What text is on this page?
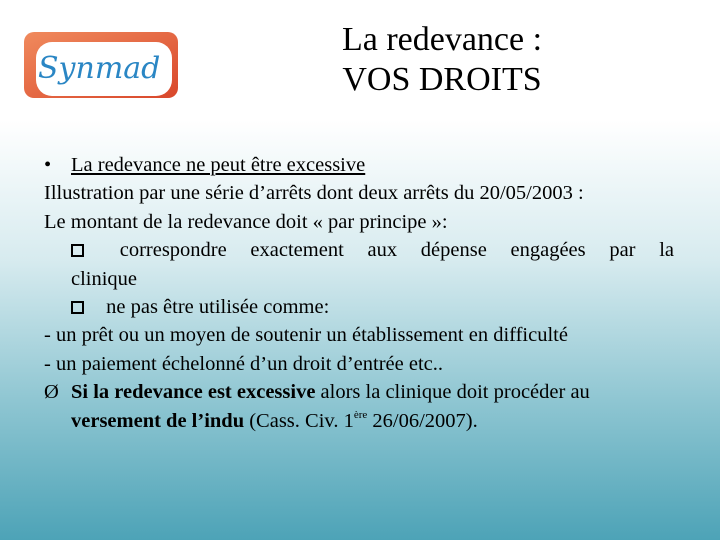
Synmad
La redevance :
VOS DROITS
• La redevance ne peut être excessive
Illustration par une série d’arrêts dont deux arrêts du 20/05/2003 :
Le montant de la redevance doit « par principe »:
correspondre exactement aux dépense engagées par la
clinique
ne pas être utilisée comme:
- un prêt ou un moyen de soutenir un établissement en difficulté
- un paiement échelonné d’un droit d’entrée etc..
Ø Si la redevance est excessive alors la clinique doit procéder au
versement de l’indu (Cass. Civ. 1ère 26/06/2007).
